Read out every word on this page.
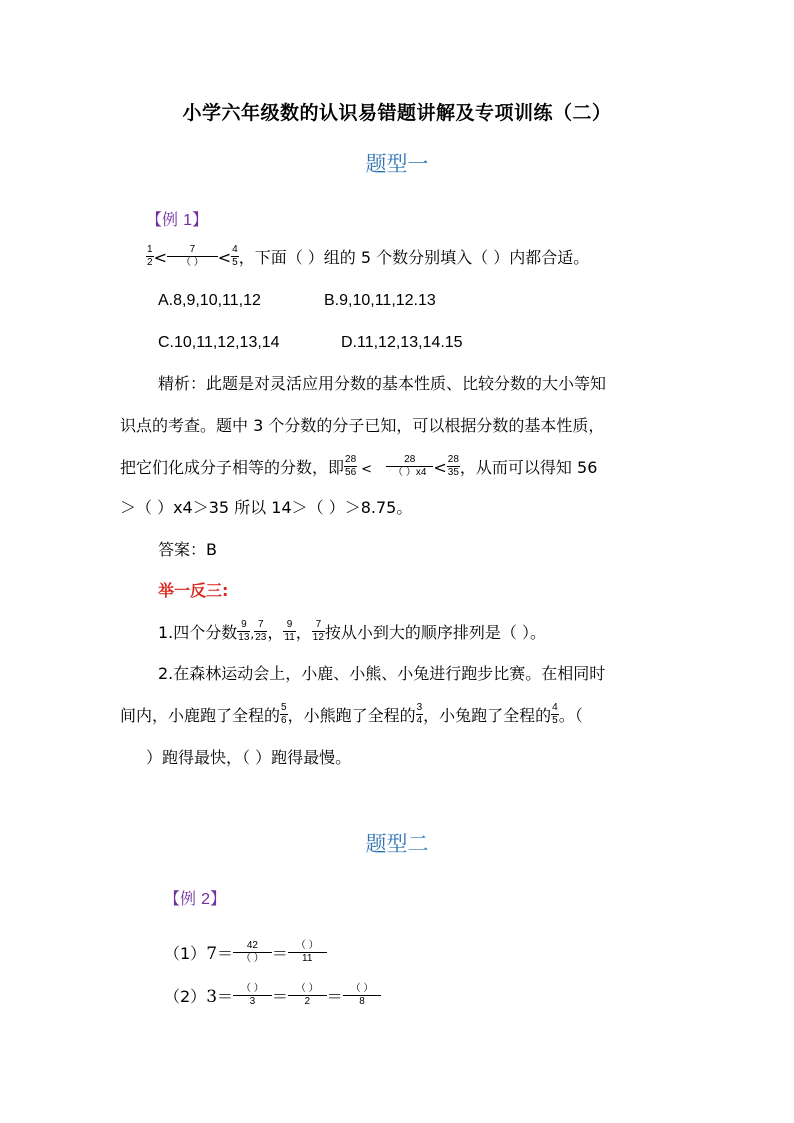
小学六年级数的认识易错题讲解及专项训练（二）
题型一
【例 1】
$\frac{1}{2} < \frac{7}{( )} < \frac{4}{5}$ ，下面（ ）组的 5 个数分别填入（ ）内都合适。
A.8,9,10,11,12	B.9,10,11,12.13
C.10,11,12,13,14	D.11,12,13,14.15
精析：此题是对灵活应用分数的基本性质、比较分数的大小等知
识点的考查。题中 3 个分数的分子已知，可以根据分数的基本性质，
把它们化成分子相等的分数，即 $\frac{28}{56} < \frac{28}{( )x4} < \frac{28}{35}$ ，从而可以得知 56
＞（ ）x4＞35 所以 14＞（ ）＞8.75。
答案：B
举一反三:
1.四个分数 $\frac{9}{13}$ , $\frac{7}{23}$ ， $\frac{9}{11}$ ， $\frac{7}{12}$ 按从小到大的顺序排列是（ ）。
2.在森林运动会上，小鹿、小熊、小兔进行跑步比赛。在相同时
间内，小鹿跑了全程的 $\frac{5}{6}$ ，小熊跑了全程的 $\frac{3}{4}$ ，小兔跑了全程的 $\frac{4}{5}$ 。（
）跑得最快，（ ）跑得最慢。
题型二
【例 2】
$(1)7= \frac{42}{( )} = \frac{( )}{11}$
$(2)3= \frac{( )}{3} = \frac{( )}{2} = \frac{( )}{8}$
